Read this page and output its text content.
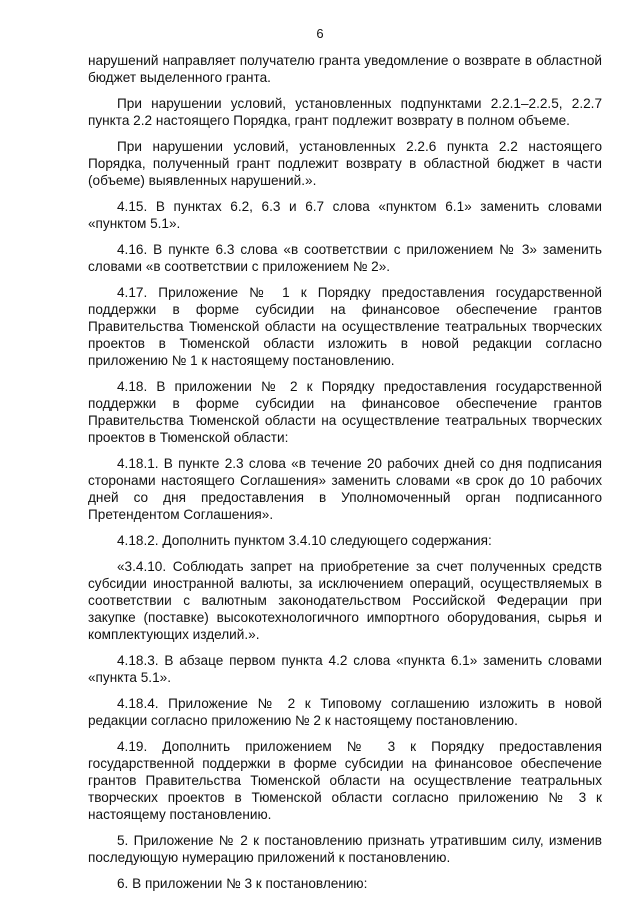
6

нарушений направляет получателю гранта уведомление о возврате в областной бюджет выделенного гранта.

При нарушении условий, установленных подпунктами 2.2.1–2.2.5, 2.2.7 пункта 2.2 настоящего Порядка, грант подлежит возврату в полном объеме.

При нарушении условий, установленных 2.2.6 пункта 2.2 настоящего Порядка, полученный грант подлежит возврату в областной бюджет в части (объеме) выявленных нарушений.».

4.15. В пунктах 6.2, 6.3 и 6.7 слова «пунктом 6.1» заменить словами «пунктом 5.1».

4.16. В пункте 6.3 слова «в соответствии с приложением № 3» заменить словами «в соответствии с приложением № 2».

4.17. Приложение № 1 к Порядку предоставления государственной поддержки в форме субсидии на финансовое обеспечение грантов Правительства Тюменской области на осуществление театральных творческих проектов в Тюменской области изложить в новой редакции согласно приложению № 1 к настоящему постановлению.

4.18. В приложении № 2 к Порядку предоставления государственной поддержки в форме субсидии на финансовое обеспечение грантов Правительства Тюменской области на осуществление театральных творческих проектов в Тюменской области:

4.18.1. В пункте 2.3 слова «в течение 20 рабочих дней со дня подписания сторонами настоящего Соглашения» заменить словами «в срок до 10 рабочих дней со дня предоставления в Уполномоченный орган подписанного Претендентом Соглашения».

4.18.2. Дополнить пунктом 3.4.10 следующего содержания:

«3.4.10. Соблюдать запрет на приобретение за счет полученных средств субсидии иностранной валюты, за исключением операций, осуществляемых в соответствии с валютным законодательством Российской Федерации при закупке (поставке) высокотехнологичного импортного оборудования, сырья и комплектующих изделий.».

4.18.3. В абзаце первом пункта 4.2 слова «пункта 6.1» заменить словами «пункта 5.1».

4.18.4. Приложение № 2 к Типовому соглашению изложить в новой редакции согласно приложению № 2 к настоящему постановлению.

4.19. Дополнить приложением № 3 к Порядку предоставления государственной поддержки в форме субсидии на финансовое обеспечение грантов Правительства Тюменской области на осуществление театральных творческих проектов в Тюменской области согласно приложению № 3 к настоящему постановлению.

5. Приложение № 2 к постановлению признать утратившим силу, изменив последующую нумерацию приложений к постановлению.

6. В приложении № 3 к постановлению:
